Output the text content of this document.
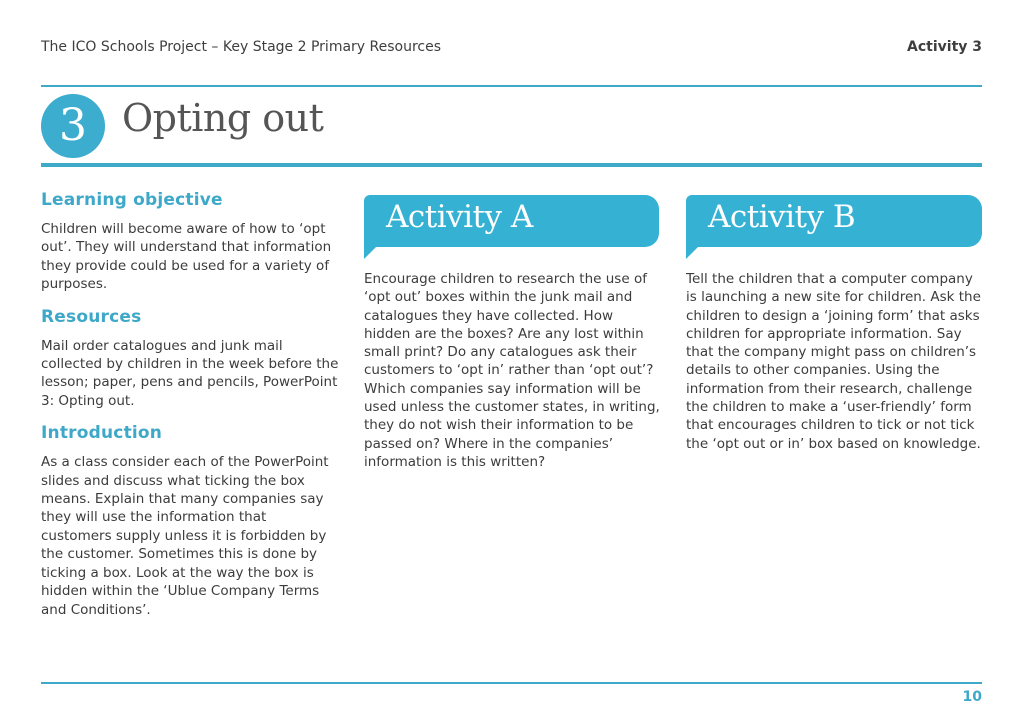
The ICO Schools Project – Key Stage 2 Primary Resources	Activity 3
3 Opting out
Learning objective

Children will become aware of how to ‘opt out’. They will understand that information they provide could be used for a variety of purposes.

Resources

Mail order catalogues and junk mail collected by children in the week before the lesson; paper, pens and pencils, PowerPoint 3: Opting out.

Introduction

As a class consider each of the PowerPoint slides and discuss what ticking the box means. Explain that many companies say they will use the information that customers supply unless it is forbidden by the customer. Sometimes this is done by ticking a box. Look at the way the box is hidden within the ‘Ublue Company Terms and Conditions’.

Activity A
Encourage children to research the use of ‘opt out’ boxes within the junk mail and catalogues they have collected. How hidden are the boxes? Are any lost within small print? Do any catalogues ask their customers to ‘opt in’ rather than ‘opt out’? Which companies say information will be used unless the customer states, in writing, they do not wish their information to be passed on? Where in the companies’ information is this written?
Activity B
Tell the children that a computer company is launching a new site for children. Ask the children to design a ‘joining form’ that asks children for appropriate information. Say that the company might pass on children’s details to other companies. Using the information from their research, challenge the children to make a ‘user-friendly’ form that encourages children to tick or not tick the ‘opt out or in’ box based on knowledge.
10
